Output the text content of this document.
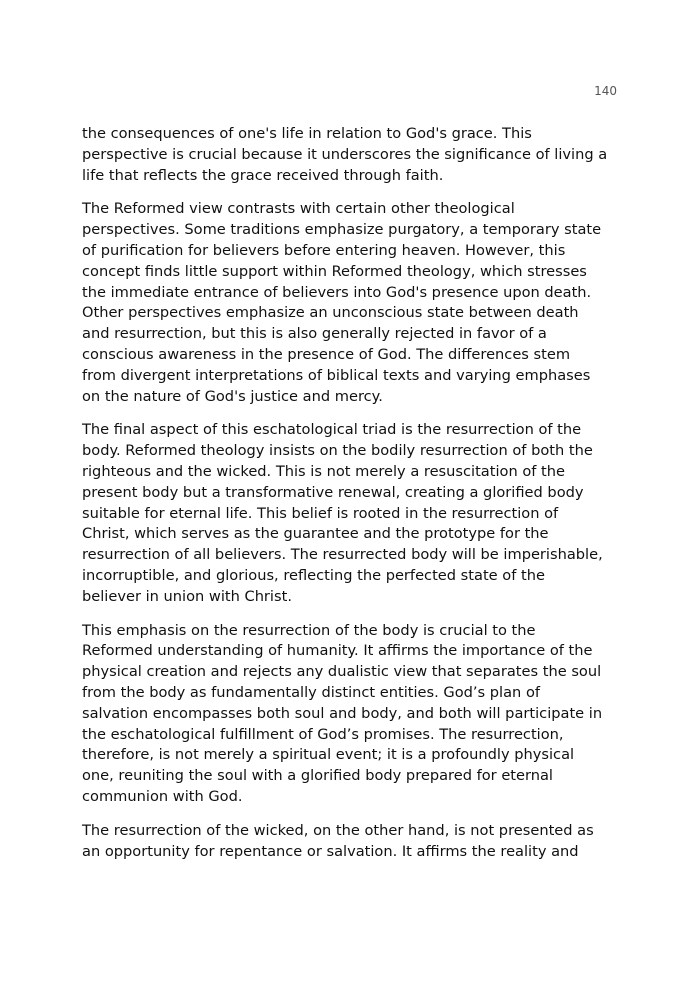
140

the consequences of one's life in relation to God's grace. This
perspective is crucial because it underscores the significance of living a
life that reflects the grace received through faith.

The Reformed view contrasts with certain other theological
perspectives. Some traditions emphasize purgatory, a temporary state
of purification for believers before entering heaven. However, this
concept finds little support within Reformed theology, which stresses
the immediate entrance of believers into God's presence upon death.
Other perspectives emphasize an unconscious state between death
and resurrection, but this is also generally rejected in favor of a
conscious awareness in the presence of God. The differences stem
from divergent interpretations of biblical texts and varying emphases
on the nature of God's justice and mercy.

The final aspect of this eschatological triad is the resurrection of the
body. Reformed theology insists on the bodily resurrection of both the
righteous and the wicked. This is not merely a resuscitation of the
present body but a transformative renewal, creating a glorified body
suitable for eternal life. This belief is rooted in the resurrection of
Christ, which serves as the guarantee and the prototype for the
resurrection of all believers. The resurrected body will be imperishable,
incorruptible, and glorious, reflecting the perfected state of the
believer in union with Christ.

This emphasis on the resurrection of the body is crucial to the
Reformed understanding of humanity. It affirms the importance of the
physical creation and rejects any dualistic view that separates the soul
from the body as fundamentally distinct entities. God’s plan of
salvation encompasses both soul and body, and both will participate in
the eschatological fulfillment of God’s promises. The resurrection,
therefore, is not merely a spiritual event; it is a profoundly physical
one, reuniting the soul with a glorified body prepared for eternal
communion with God.

The resurrection of the wicked, on the other hand, is not presented as
an opportunity for repentance or salvation. It affirms the reality and
